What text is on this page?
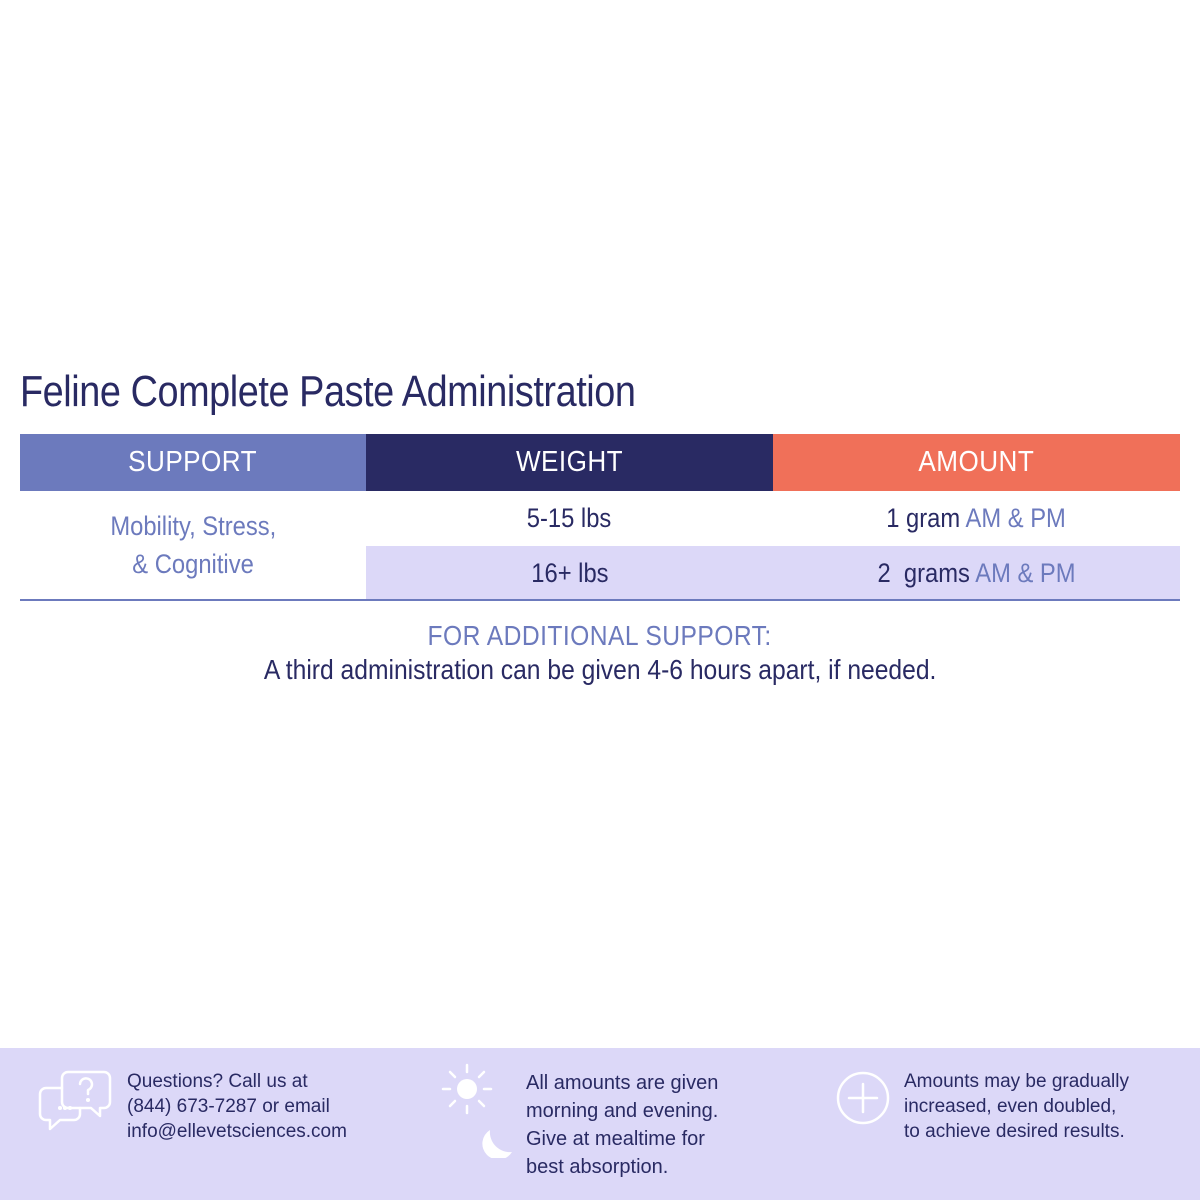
Feline Complete Paste Administration
SUPPORT	WEIGHT	AMOUNT
Mobility, Stress,
& Cognitive
5-15 lbs	1 gram AM & PM
16+ lbs	2  grams AM & PM
FOR ADDITIONAL SUPPORT:
A third administration can be given 4-6 hours apart, if needed.
Questions? Call us at
(844) 673-7287 or email
info@ellevetsciences.com
All amounts are given
morning and evening.
Give at mealtime for
best absorption.
Amounts may be gradually
increased, even doubled,
to achieve desired results.
